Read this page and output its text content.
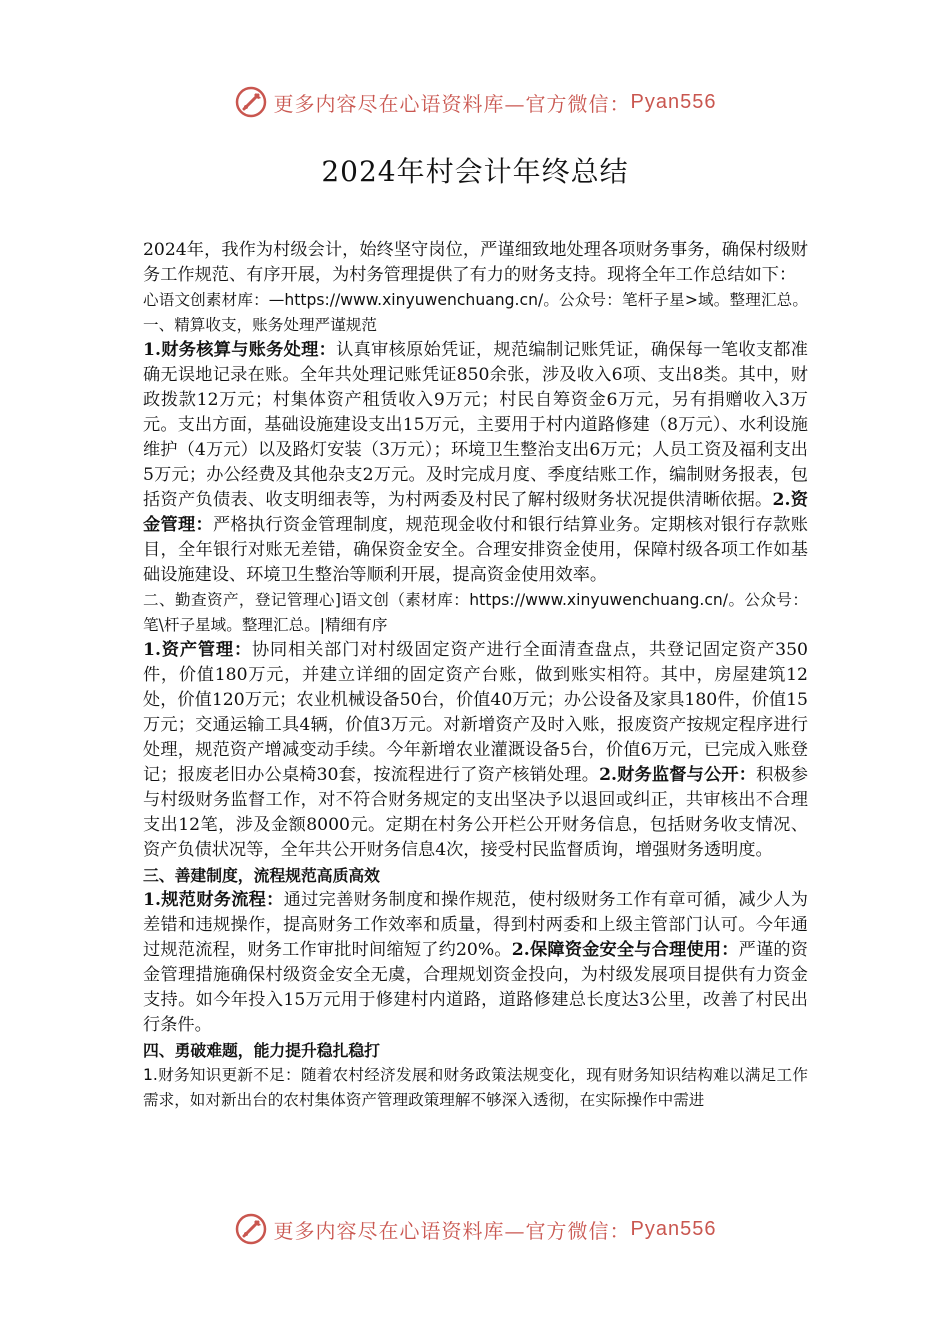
更多内容尽在心语资料库—官方微信： Pyan556
2024年村会计年终总结

2024年，我作为村级会计，始终坚守岗位，严谨细致地处理各项财务事务，确保村级财务工作规范、有序开展，为村务管理提供了有力的财务支持。现将全年工作总结如下：

心语文创素材库：—https://www.xinyuwenchuang.cn/。公众号：笔杆子星>域。整理汇总。一、精算收支，账务处理严谨规范

1.财务核算与账务处理：认真审核原始凭证，规范编制记账凭证，确保每一笔收支都准确无误地记录在账。全年共处理记账凭证850余张，涉及收入6项、支出8类。其中，财政拨款12万元；村集体资产租赁收入9万元；村民自筹资金6万元，另有捐赠收入3万元。支出方面，基础设施建设支出15万元，主要用于村内道路修建（8万元）、水利设施维护（4万元）以及路灯安装（3万元）；环境卫生整治支出6万元；人员工资及福利支出5万元；办公经费及其他杂支2万元。及时完成月度、季度结账工作，编制财务报表，包括资产负债表、收支明细表等，为村两委及村民了解村级财务状况提供清晰依据。2.资金管理：严格执行资金管理制度，规范现金收付和银行结算业务。定期核对银行存款账目，全年银行对账无差错，确保资金安全。合理安排资金使用，保障村级各项工作如基础设施建设、环境卫生整治等顺利开展，提高资金使用效率。

二、勤查资产，登记管理心]语文创（素材库：https://www.xinyuwenchuang.cn/。公众号：笔\杆子星域。整理汇总。|精细有序

1.资产管理：协同相关部门对村级固定资产进行全面清查盘点，共登记固定资产350件，价值180万元，并建立详细的固定资产台账，做到账实相符。其中，房屋建筑12处，价值120万元；农业机械设备50台，价值40万元；办公设备及家具180件，价值15万元；交通运输工具4辆，价值3万元。对新增资产及时入账，报废资产按规定程序进行处理，规范资产增减变动手续。今年新增农业灌溉设备5台，价值6万元，已完成入账登记；报废老旧办公桌椅30套，按流程进行了资产核销处理。2.财务监督与公开：积极参与村级财务监督工作，对不符合财务规定的支出坚决予以退回或纠正，共审核出不合理支出12笔，涉及金额8000元。定期在村务公开栏公开财务信息，包括财务收支情况、资产负债状况等，全年共公开财务信息4次，接受村民监督质询，增强财务透明度。

三、善建制度，流程规范高质高效

1.规范财务流程：通过完善财务制度和操作规范，使村级财务工作有章可循，减少人为差错和违规操作，提高财务工作效率和质量，得到村两委和上级主管部门认可。今年通过规范流程，财务工作审批时间缩短了约20%。2.保障资金安全与合理使用：严谨的资金管理措施确保村级资金安全无虞，合理规划资金投向，为村级发展项目提供有力资金支持。如今年投入15万元用于修建村内道路，道路修建总长度达3公里，改善了村民出行条件。

四、勇破难题，能力提升稳扎稳打

1.财务知识更新不足：随着农村经济发展和财务政策法规变化，现有财务知识结构难以满足工作需求，如对新出台的农村集体资产管理政策理解不够深入透彻，在实际操作中需进

更多内容尽在心语资料库—官方微信： Pyan556
